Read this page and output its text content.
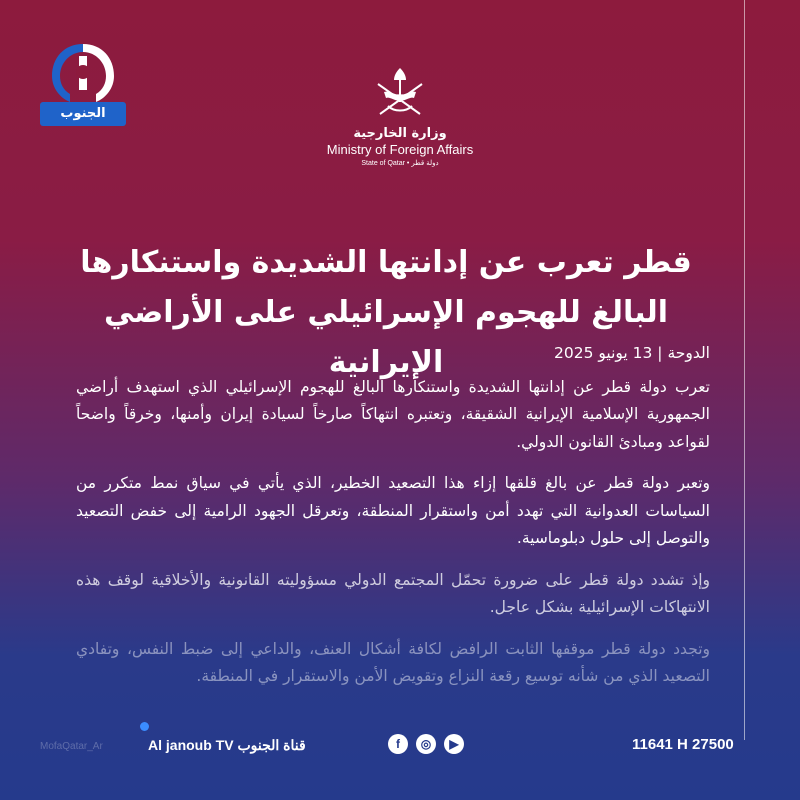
الجنوب
وزارة الخارجية
Ministry of Foreign Affairs
State of Qatar • دولة قطر
قطر تعرب عن إدانتها الشديدة واستنكارها
البالغ للهجوم الإسرائيلي على الأراضي الإيرانية	الدوحة | 13 يونيو 2025

تعرب دولة قطر عن إدانتها الشديدة واستنكارها البالغ للهجوم الإسرائيلي الذي استهدف أراضي الجمهورية الإسلامية الإيرانية الشقيقة، وتعتبره انتهاكاً صارخاً لسيادة إيران وأمنها، وخرقاً واضحاً لقواعد ومبادئ القانون الدولي.

وتعبر دولة قطر عن بالغ قلقها إزاء هذا التصعيد الخطير، الذي يأتي في سياق نمط متكرر من السياسات العدوانية التي تهدد أمن واستقرار المنطقة، وتعرقل الجهود الرامية إلى خفض التصعيد والتوصل إلى حلول دبلوماسية.

وإذ تشدد دولة قطر على ضرورة تحمّل المجتمع الدولي مسؤوليته القانونية والأخلاقية لوقف هذه الانتهاكات الإسرائيلية بشكل عاجل.

وتجدد دولة قطر موقفها الثابت الرافض لكافة أشكال العنف، والداعي إلى ضبط النفس، وتفادي التصعيد الذي من شأنه توسيع رقعة النزاع وتقويض الأمن والاستقرار في المنطقة.

MofaQatar_Ar	Al janoub TV قناة الجنوب	f	◎	▶	11641 H 27500
